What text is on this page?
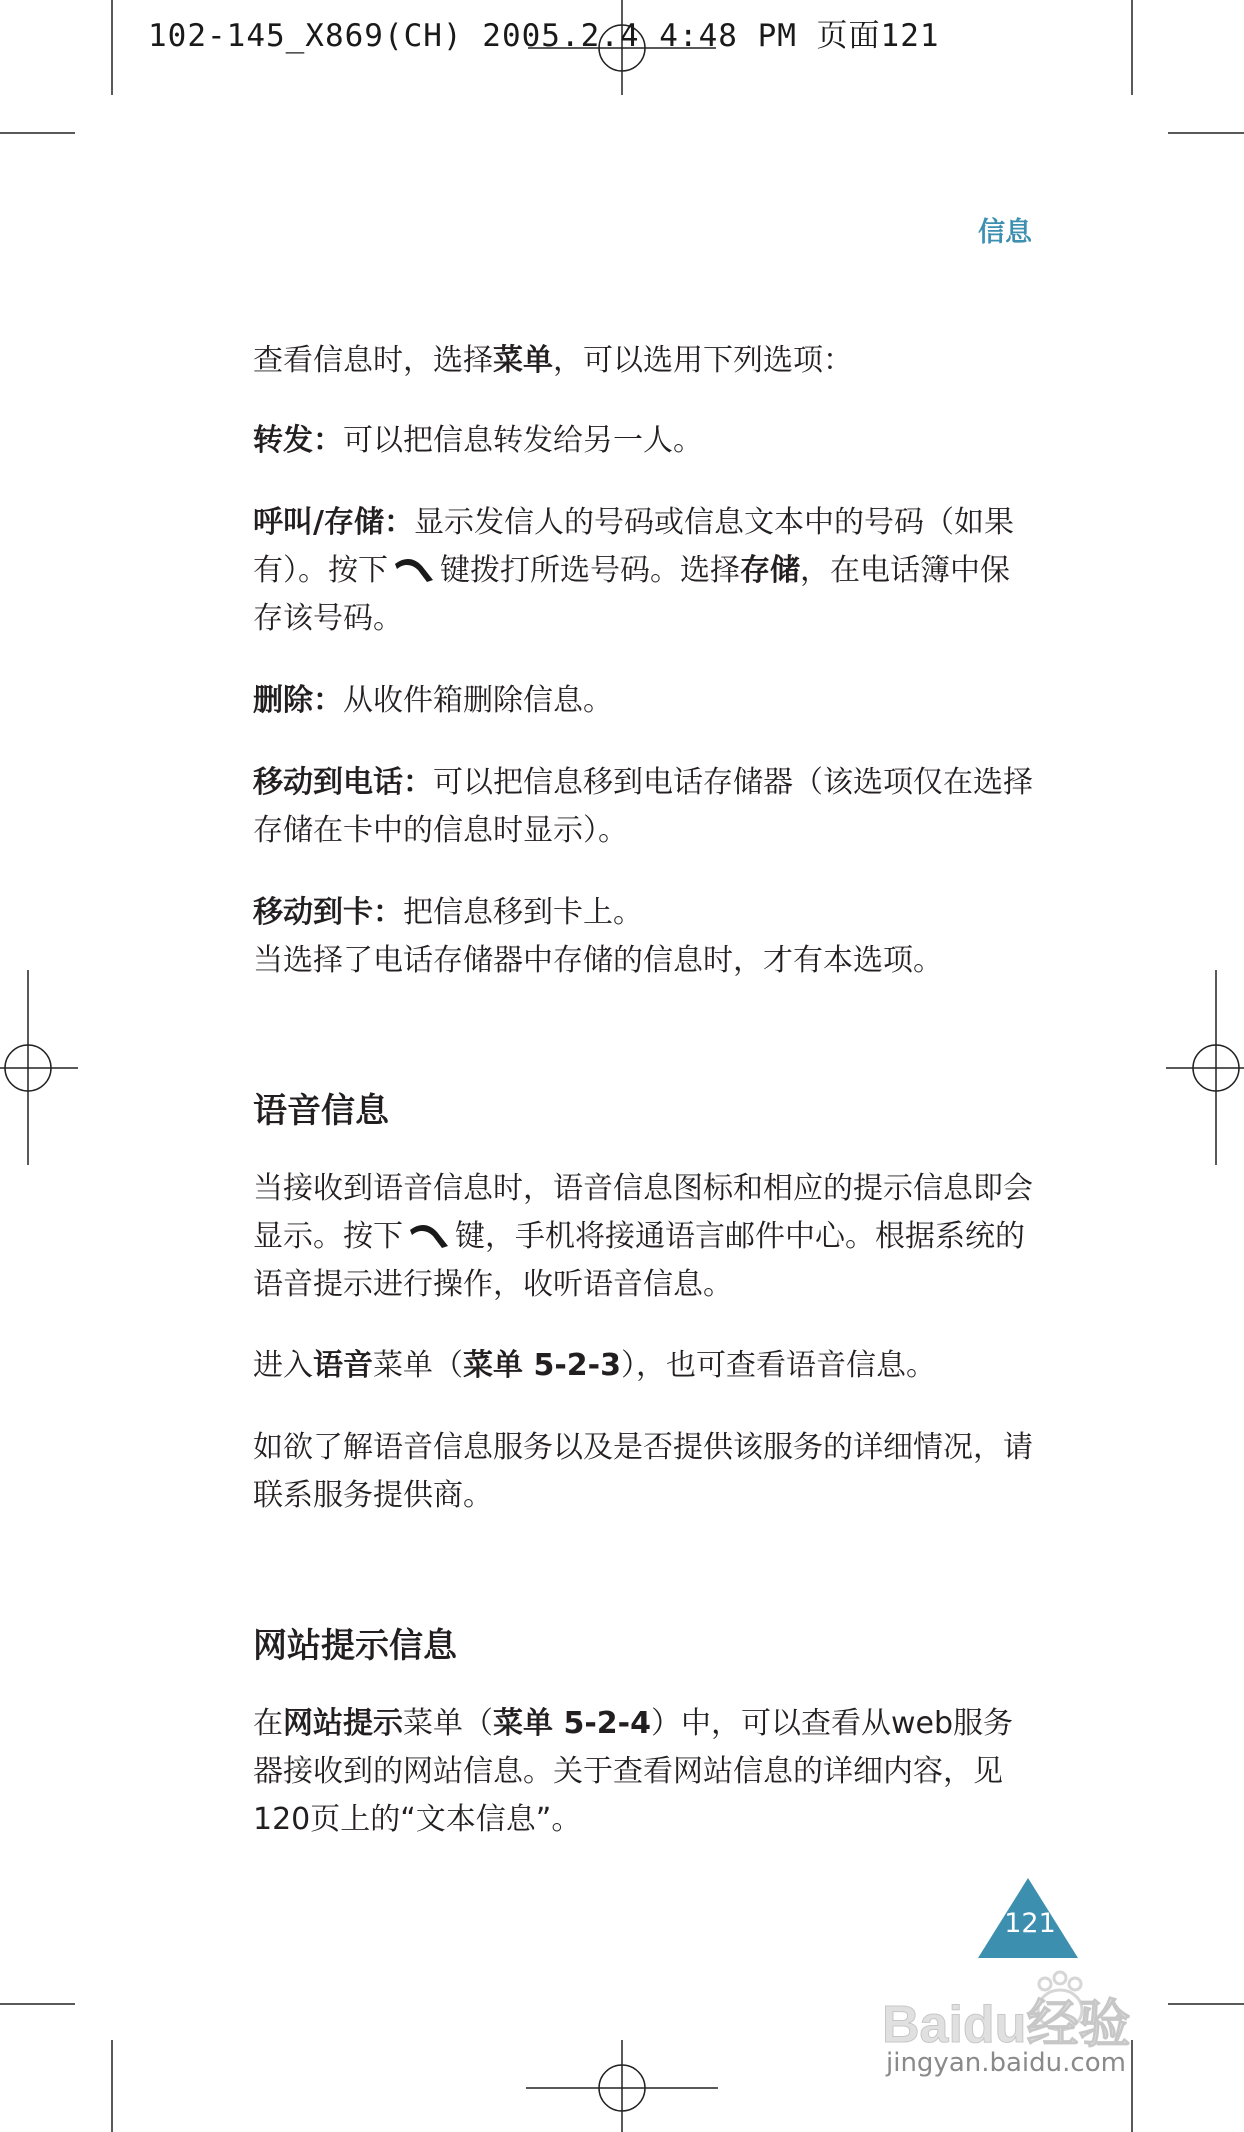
102-145_X869(CH) 2005.2.4 4:48 PM 页面121
信息
查看信息时，选择菜单，可以选用下列选项：
转发：可以把信息转发给另一人。
呼叫/存储：显示发信人的号码或信息文本中的号码（如果有）。按下 键拨打所选号码。选择存储，在电话簿中保存该号码。
删除：从收件箱删除信息。
移动到电话：可以把信息移到电话存储器（该选项仅在选择存储在卡中的信息时显示）。
移动到卡：把信息移到卡上。
当选择了电话存储器中存储的信息时，才有本选项。
语音信息
当接收到语音信息时，语音信息图标和相应的提示信息即会显示。按下 键，手机将接通语言邮件中心。根据系统的语音提示进行操作，收听语音信息。
进入语音菜单（菜单 5-2-3），也可查看语音信息。
如欲了解语音信息服务以及是否提供该服务的详细情况，请联系服务提供商。
网站提示信息
在网站提示菜单（菜单 5-2-4）中，可以查看从web服务器接收到的网站信息。关于查看网站信息的详细内容，见120页上的“文本信息”。
121
Baidu经验
jingyan.baidu.com
